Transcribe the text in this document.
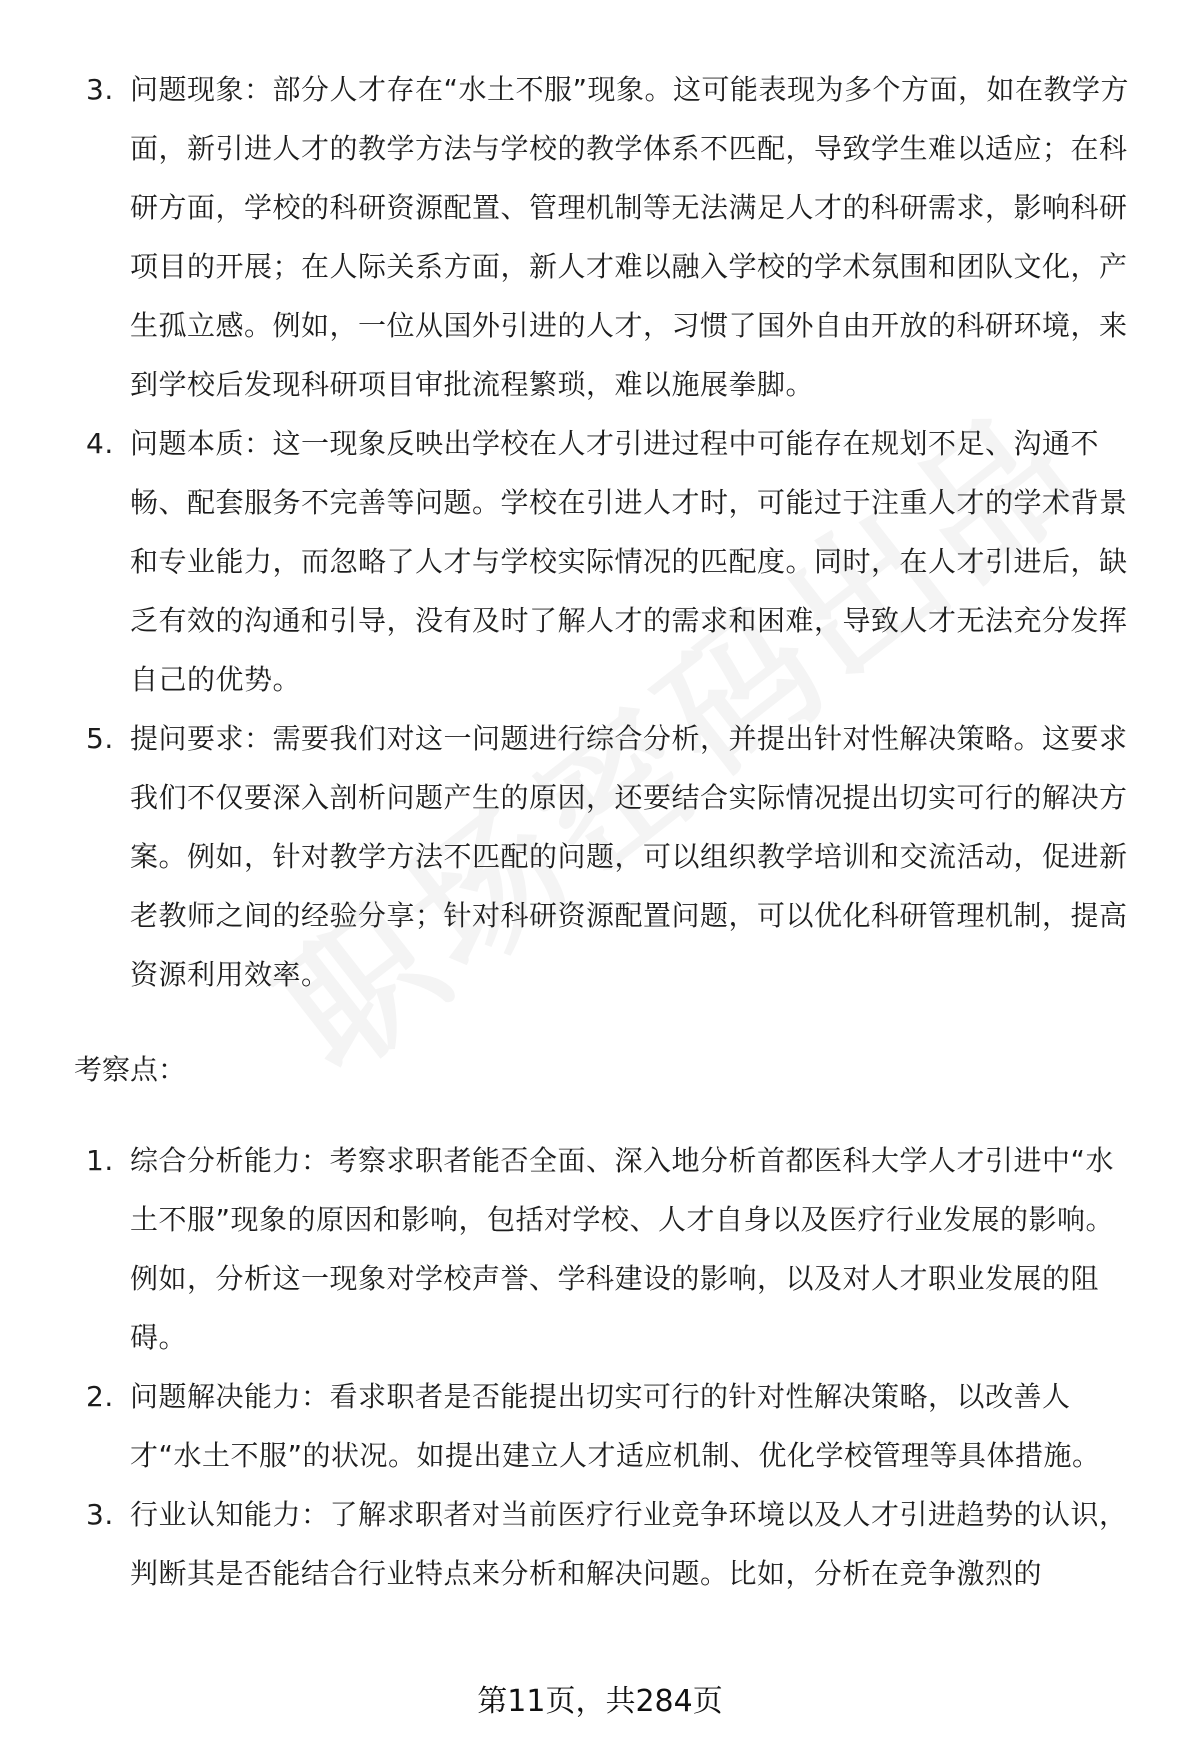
3. 问题现象：部分人才存在“水土不服”现象。这可能表现为多个方面，如在教学方面，新引进人才的教学方法与学校的教学体系不匹配，导致学生难以适应；在科研方面，学校的科研资源配置、管理机制等无法满足人才的科研需求，影响科研项目的开展；在人际关系方面，新人才难以融入学校的学术氛围和团队文化，产生孤立感。例如，一位从国外引进的人才，习惯了国外自由开放的科研环境，来到学校后发现科研项目审批流程繁琐，难以施展拳脚。
4. 问题本质：这一现象反映出学校在人才引进过程中可能存在规划不足、沟通不畅、配套服务不完善等问题。学校在引进人才时，可能过于注重人才的学术背景和专业能力，而忽略了人才与学校实际情况的匹配度。同时，在人才引进后，缺乏有效的沟通和引导，没有及时了解人才的需求和困难，导致人才无法充分发挥自己的优势。
5. 提问要求：需要我们对这一问题进行综合分析，并提出针对性解决策略。这要求我们不仅要深入剖析问题产生的原因，还要结合实际情况提出切实可行的解决方案。例如，针对教学方法不匹配的问题，可以组织教学培训和交流活动，促进新老教师之间的经验分享；针对科研资源配置问题，可以优化科研管理机制，提高资源利用效率。
考察点：
1. 综合分析能力：考察求职者能否全面、深入地分析首都医科大学人才引进中“水土不服”现象的原因和影响，包括对学校、人才自身以及医疗行业发展的影响。例如，分析这一现象对学校声誉、学科建设的影响，以及对人才职业发展的阻碍。
2. 问题解决能力：看求职者是否能提出切实可行的针对性解决策略，以改善人才“水土不服”的状况。如提出建立人才适应机制、优化学校管理等具体措施。
3. 行业认知能力：了解求职者对当前医疗行业竞争环境以及人才引进趋势的认识，判断其是否能结合行业特点来分析和解决问题。比如，分析在竞争激烈的
第11页，共284页
